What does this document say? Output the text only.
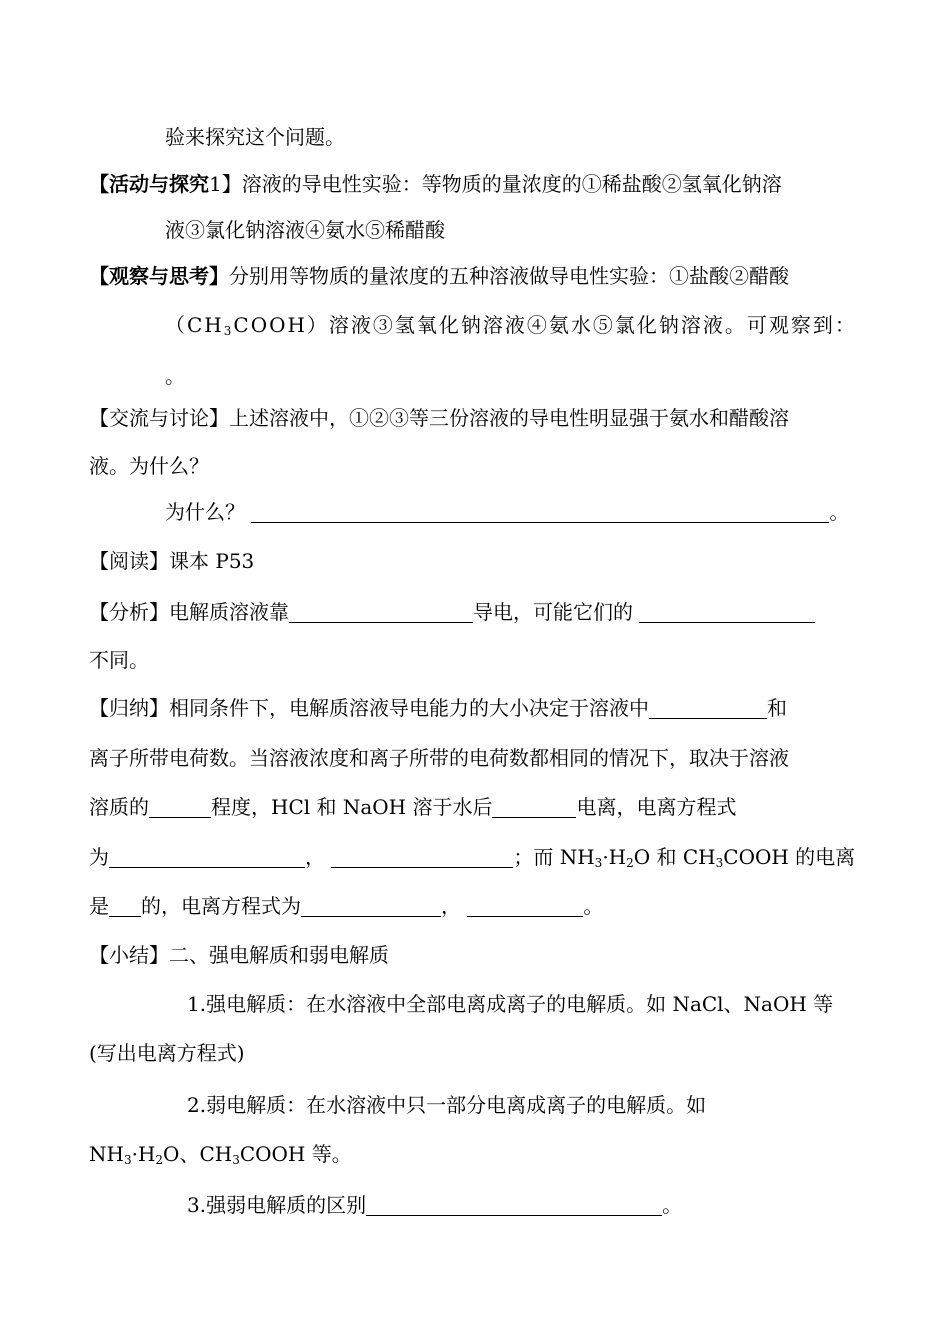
验来探究这个问题。
【活动与探究1】溶液的导电性实验：等物质的量浓度的①稀盐酸②氢氧化钠溶
液③氯化钠溶液④氨水⑤稀醋酸
【观察与思考】分别用等物质的量浓度的五种溶液做导电性实验：①盐酸②醋酸
$(CH_3COOH)$溶液③氢氧化钠溶液④氨水⑤氯化钠溶液。可观察到：
。
【交流与讨论】上述溶液中，①②③等三份溶液的导电性明显强于氨水和醋酸溶
液。为什么？
为什么？	。
【阅读】课本 P53
【分析】电解质溶液靠	导电，可能它们的
不同。
【归纳】相同条件下，电解质溶液导电能力的大小决定于溶液中	和
离子所带电荷数。当溶液浓度和离子所带的电荷数都相同的情况下，取决于溶液
溶质的	程度，HCl 和 NaOH 溶于水后	电离，电离方程式
为	，	；而 $NH_3\cdot H_2O$ 和 $CH_3COOH$ 的电离
是 的，电离方程式为	，	。
【小结】二、强电解质和弱电解质
1.强电解质：在水溶液中全部电离成离子的电解质。如 NaCl、NaOH 等
(写出电离方程式)
2.弱电解质：在水溶液中只一部分电离成离子的电解质。如
$NH_3\cdot H_2O$、$CH_3COOH$ 等。
3.强弱电解质的区别	。
